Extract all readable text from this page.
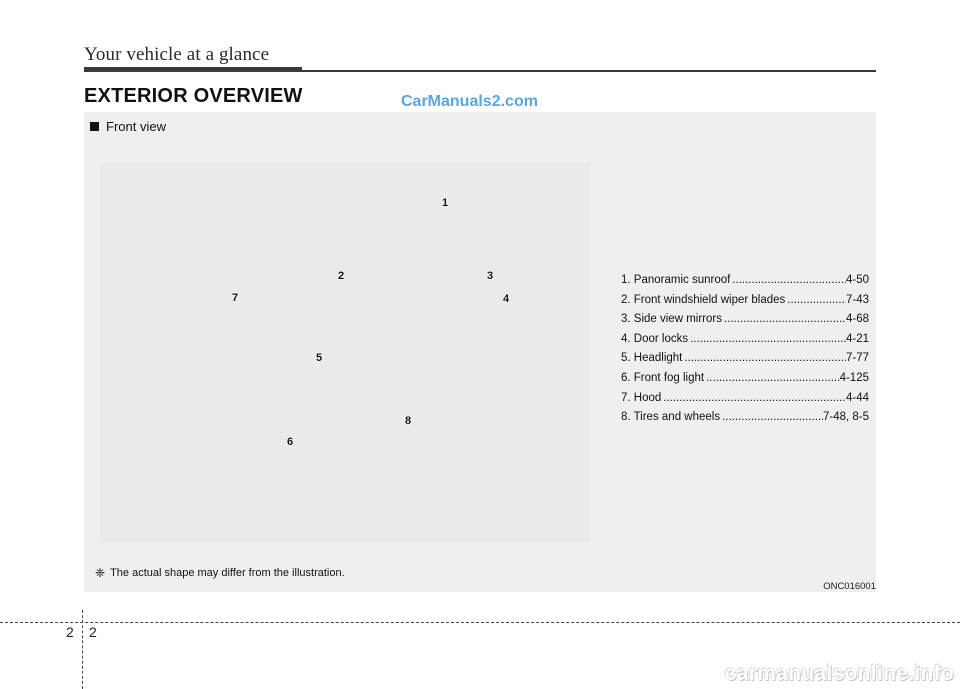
Your vehicle at a glance
EXTERIOR OVERVIEW	CarManuals2.com
Front view
1
2	3
4
5
6
7
8
1. Panoramic sunroof .....	4-50
2. Front windshield wiper blades .....	7-43
3. Side view mirrors .....	4-68
4. Door locks .....	4-21
5. Headlight .....	7-77
6. Front fog light .....	4-125
7. Hood .....	4-44
8. Tires and wheels .....	7-48, 8-5
❈ The actual shape may differ from the illustration.
ONC016001
2 2
carmanualsonline.info
